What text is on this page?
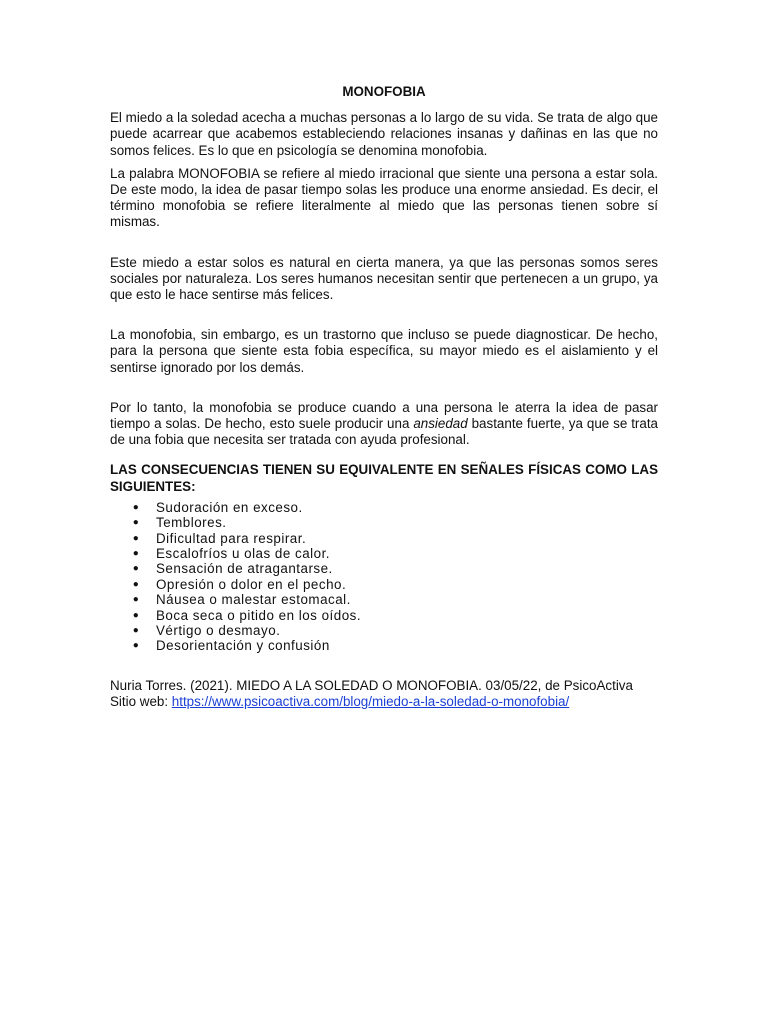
MONOFOBIA

El miedo a la soledad acecha a muchas personas a lo largo de su vida. Se trata de algo que puede acarrear que acabemos estableciendo relaciones insanas y dañinas en las que no somos felices. Es lo que en psicología se denomina monofobia.

La palabra MONOFOBIA se refiere al miedo irracional que siente una persona a estar sola. De este modo, la idea de pasar tiempo solas les produce una enorme ansiedad. Es decir, el término monofobia se refiere literalmente al miedo que las personas tienen sobre sí mismas.

Este miedo a estar solos es natural en cierta manera, ya que las personas somos seres sociales por naturaleza. Los seres humanos necesitan sentir que pertenecen a un grupo, ya que esto le hace sentirse más felices.

La monofobia, sin embargo, es un trastorno que incluso se puede diagnosticar. De hecho, para la persona que siente esta fobia específica, su mayor miedo es el aislamiento y el sentirse ignorado por los demás.

Por lo tanto, la monofobia se produce cuando a una persona le aterra la idea de pasar tiempo a solas. De hecho, esto suele producir una ansiedad bastante fuerte, ya que se trata de una fobia que necesita ser tratada con ayuda profesional.

LAS CONSECUENCIAS TIENEN SU EQUIVALENTE EN SEÑALES FÍSICAS COMO LAS SIGUIENTES:
● Sudoración en exceso.
● Temblores.
● Dificultad para respirar.
● Escalofríos u olas de calor.
● Sensación de atragantarse.
● Opresión o dolor en el pecho.
● Náusea o malestar estomacal.
● Boca seca o pitido en los oídos.
● Vértigo o desmayo.
● Desorientación y confusión

Nuria Torres. (2021). MIEDO A LA SOLEDAD O MONOFOBIA. 03/05/22, de PsicoActiva Sitio web: https://www.psicoactiva.com/blog/miedo-a-la-soledad-o-monofobia/
